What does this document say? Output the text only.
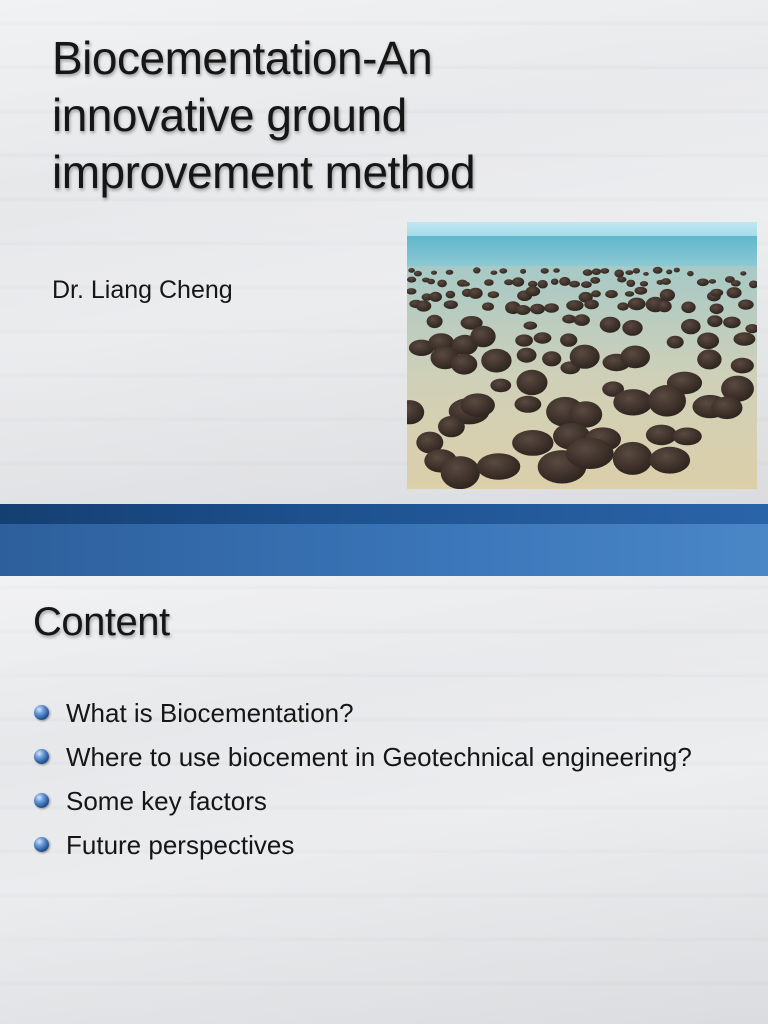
Biocementation-An innovative ground improvement method

Dr. Liang Cheng

Content
What is Biocementation?
Where to use biocement in Geotechnical engineering?
Some key factors
Future perspectives
